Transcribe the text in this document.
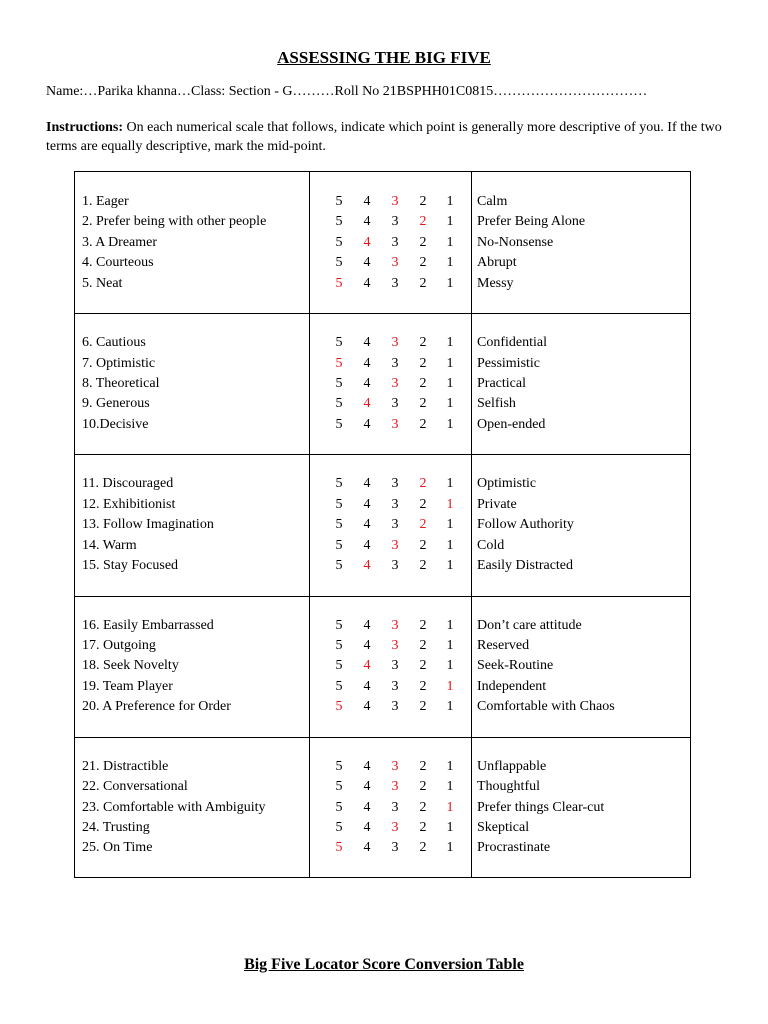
ASSESSING THE BIG FIVE
Name:…Parika khanna…Class: Section - G………Roll No 21BSPHH01C0815……………………………
Instructions: On each numerical scale that follows, indicate which point is generally more descriptive of you. If the two terms are equally descriptive, mark the mid-point.
1. Eager
2. Prefer being with other people
3. A Dreamer
4. Courteous
5. Neat
5 4 3 2 1
5 4 3 2 1
5 4 3 2 1
5 4 3 2 1
5 4 3 2 1
Calm
Prefer Being Alone
No-Nonsense
Abrupt
Messy
6. Cautious
7. Optimistic
8. Theoretical
9. Generous
10.Decisive
5 4 3 2 1
5 4 3 2 1
5 4 3 2 1
5 4 3 2 1
5 4 3 2 1
Confidential
Pessimistic
Practical
Selfish
Open-ended
11. Discouraged
12. Exhibitionist
13. Follow Imagination
14. Warm
15. Stay Focused
5 4 3 2 1
5 4 3 2 1
5 4 3 2 1
5 4 3 2 1
5 4 3 2 1
Optimistic
Private
Follow Authority
Cold
Easily Distracted
16. Easily Embarrassed
17. Outgoing
18. Seek Novelty
19. Team Player
20. A Preference for Order
5 4 3 2 1
5 4 3 2 1
5 4 3 2 1
5 4 3 2 1
5 4 3 2 1
Don’t care attitude
Reserved
Seek-Routine
Independent
Comfortable with Chaos
21. Distractible
22. Conversational
23. Comfortable with Ambiguity
24. Trusting
25. On Time
5 4 3 2 1
5 4 3 2 1
5 4 3 2 1
5 4 3 2 1
5 4 3 2 1
Unflappable
Thoughtful
Prefer things Clear-cut
Skeptical
Procrastinate
Big Five Locator Score Conversion Table
